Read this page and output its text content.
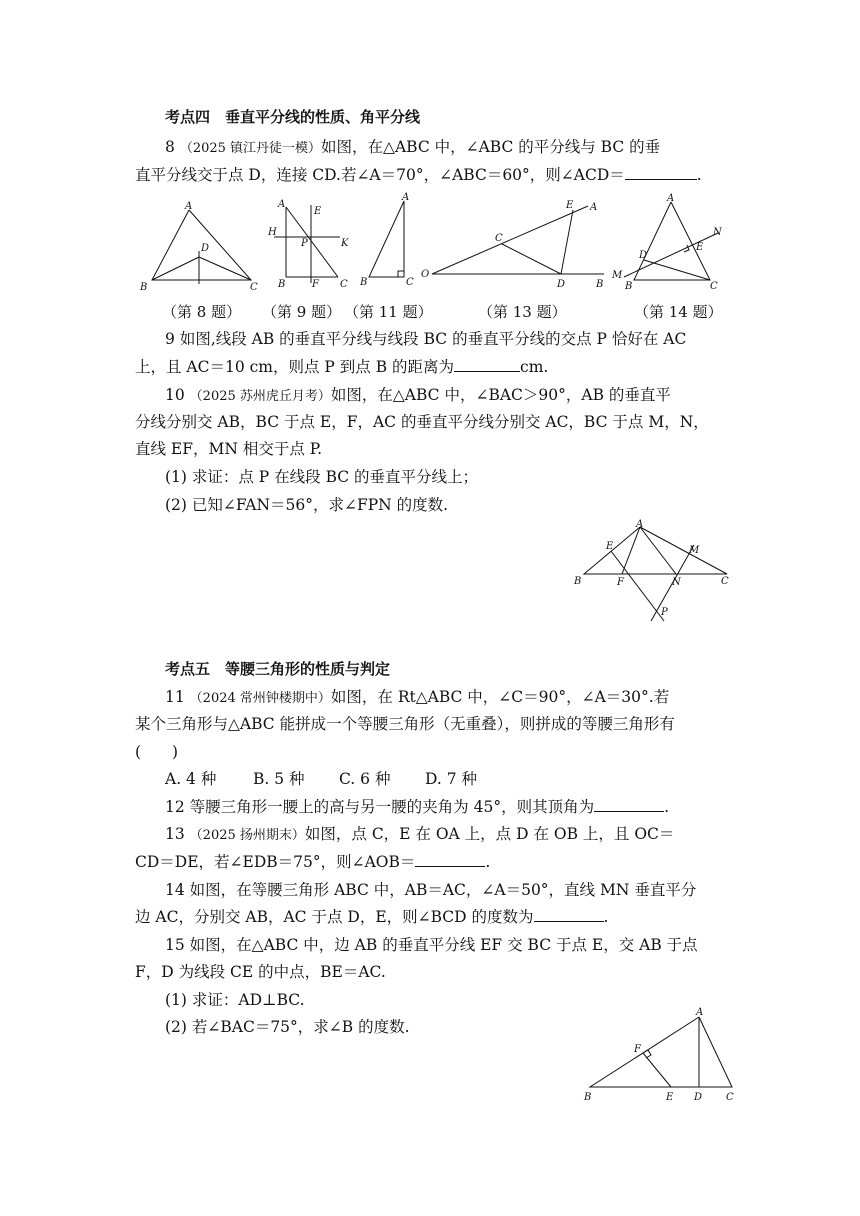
考点四　垂直平分线的性质、角平分线
8 （2025 镇江丹徒一模）如图，在△ABC 中，∠ABC 的平分线与 BC 的垂
直平分线交于点 D，连接 CD.若∠A＝70°，∠ABC＝60°，则∠ACD＝	.
A
D
B	C
A
E
H
P	K
B	F C
A
B	C
E A
C
O
D	B
A
N
E
D
M
B	C
（第 8 题） （第 9 题） （第 11 题）	（第 13 题）	（第 14 题）
9 如图,线段 AB 的垂直平分线与线段 BC 的垂直平分线的交点 P 恰好在 AC
上，且 AC＝10 cm，则点 P 到点 B 的距离为	cm.
10 （2025 苏州虎丘月考）如图，在△ABC 中，∠BAC＞90°，AB 的垂直平
分线分别交 AB，BC 于点 E，F，AC 的垂直平分线分别交 AC，BC 于点 M，N，
直线 EF，MN 相交于点 P.
(1) 求证：点 P 在线段 BC 的垂直平分线上；
(2) 已知∠FAN＝56°，求∠FPN 的度数.
A
E	M
B	F	N	C
P
考点五　等腰三角形的性质与判定
11 （2024 常州钟楼期中）如图，在 Rt△ABC 中，∠C＝90°，∠A＝30°.若
某个三角形与△ABC 能拼成一个等腰三角形（无重叠），则拼成的等腰三角形有
(　　)
A. 4 种 B. 5 种 C. 6 种 D. 7 种
12 等腰三角形一腰上的高与另一腰的夹角为 45°，则其顶角为	.
13 （2025 扬州期末）如图，点 C，E 在 OA 上，点 D 在 OB 上，且 OC＝
CD＝DE，若∠EDB＝75°，则∠AOB＝	.
14 如图，在等腰三角形 ABC 中，AB＝AC，∠A＝50°，直线 MN 垂直平分
边 AC，分别交 AB，AC 于点 D，E，则∠BCD 的度数为	.
15 如图，在△ABC 中，边 AB 的垂直平分线 EF 交 BC 于点 E，交 AB 于点
F，D 为线段 CE 的中点，BE＝AC.
(1) 求证：AD⊥BC.
(2) 若∠BAC＝75°，求∠B 的度数.
A
F
B	E D C
